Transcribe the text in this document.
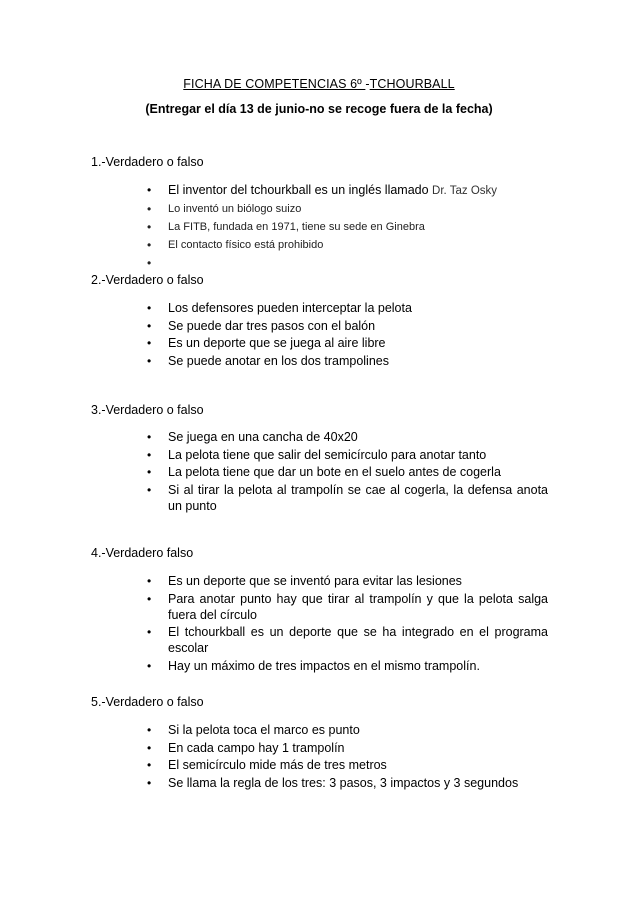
FICHA DE COMPETENCIAS 6º -TCHOURBALL
(Entregar el día 13 de junio-no se recoge fuera de la fecha)
1.-Verdadero o falso
• El inventor del tchourkball es un inglés llamado Dr. Taz Osky
• Lo inventó un biólogo suizo
• La FITB, fundada en 1971, tiene su sede en Ginebra
• El contacto físico está prohibido
•
2.-Verdadero o falso
• Los defensores pueden interceptar la pelota
• Se puede dar tres pasos con el balón
• Es un deporte que se juega al aire libre
• Se puede anotar en los dos trampolines
3.-Verdadero o falso
• Se juega en una cancha de 40x20
• La pelota tiene que salir del semicírculo para anotar tanto
• La pelota tiene que dar un bote en el suelo antes de cogerla
• Si al tirar la pelota al trampolín se cae al cogerla, la defensa anota un punto
4.-Verdadero falso
• Es un deporte que se inventó para evitar las lesiones
• Para anotar punto hay que tirar al trampolín y que la pelota salga fuera del círculo
• El tchourkball es un deporte que se ha integrado en el programa escolar
• Hay un máximo de tres impactos en el mismo trampolín.
5.-Verdadero o falso
• Si la pelota toca el marco es punto
• En cada campo hay 1 trampolín
• El semicírculo mide más de tres metros
• Se llama la regla de los tres: 3 pasos, 3 impactos y 3 segundos
